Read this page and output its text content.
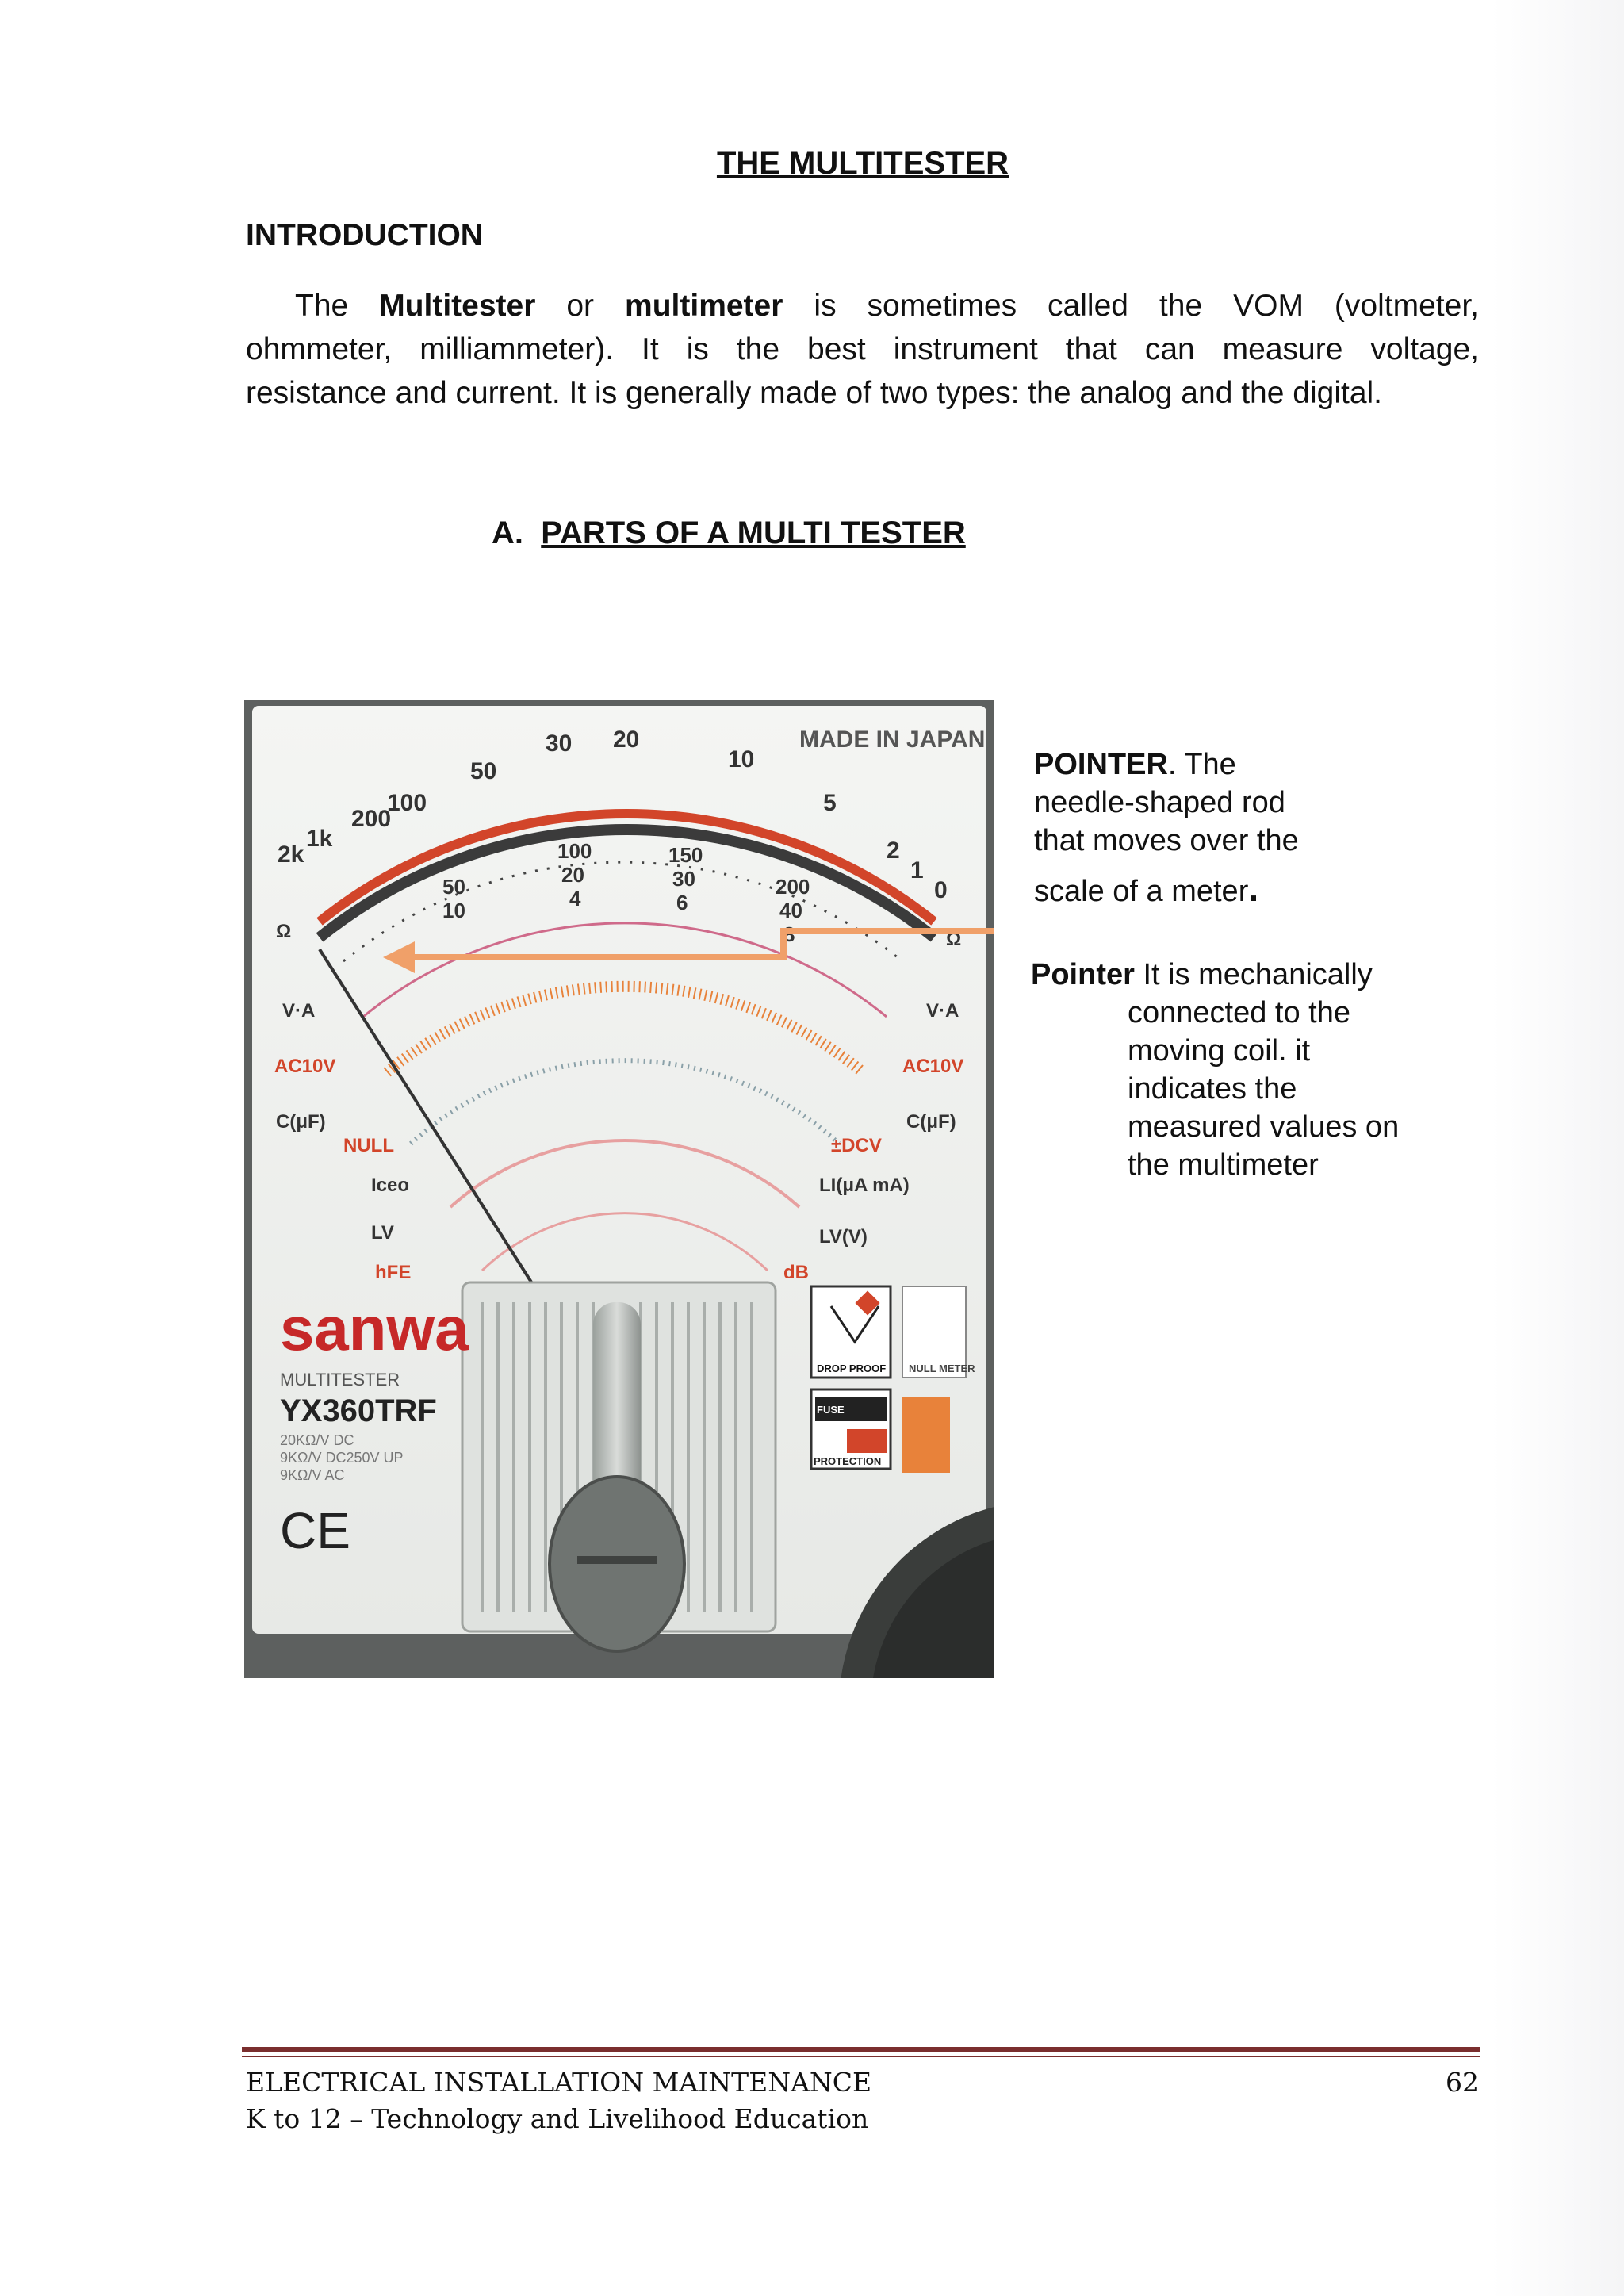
THE MULTITESTER
INTRODUCTION
The Multitester or multimeter is sometimes called the VOM (voltmeter,
ohmmeter, milliammeter). It is the best instrument that can measure voltage,
resistance and current. It is generally made of two types: the analog and the digital.
A. PARTS OF A MULTI TESTER
2k
1k
200
100
50
30 20
10
5
2
1
0
50
10
100
20
4
150
30
6
200
40
8
MADE IN JAPAN
Ω
V·A
AC10V
C(μF)
NULL
Iceo
LV
hFE
Ω
V·A
AC10V
C(μF)
±DCV
LI(μA mA)
LV(V)
dB
sanwa
MULTITESTER
YX360TRF
20KΩ/V DC
9KΩ/V DC250V UP
9KΩ/V AC
CE
DROP PROOF NULL METER
FUSE
PROTECTION
POINTER. The
needle-shaped rod
that moves over the
scale of a meter.
Pointer It is mechanically
connected to the
moving coil. it
indicates the
measured values on
the multimeter
ELECTRICAL INSTALLATION MAINTENANCE	62
K to 12 – Technology and Livelihood Education
